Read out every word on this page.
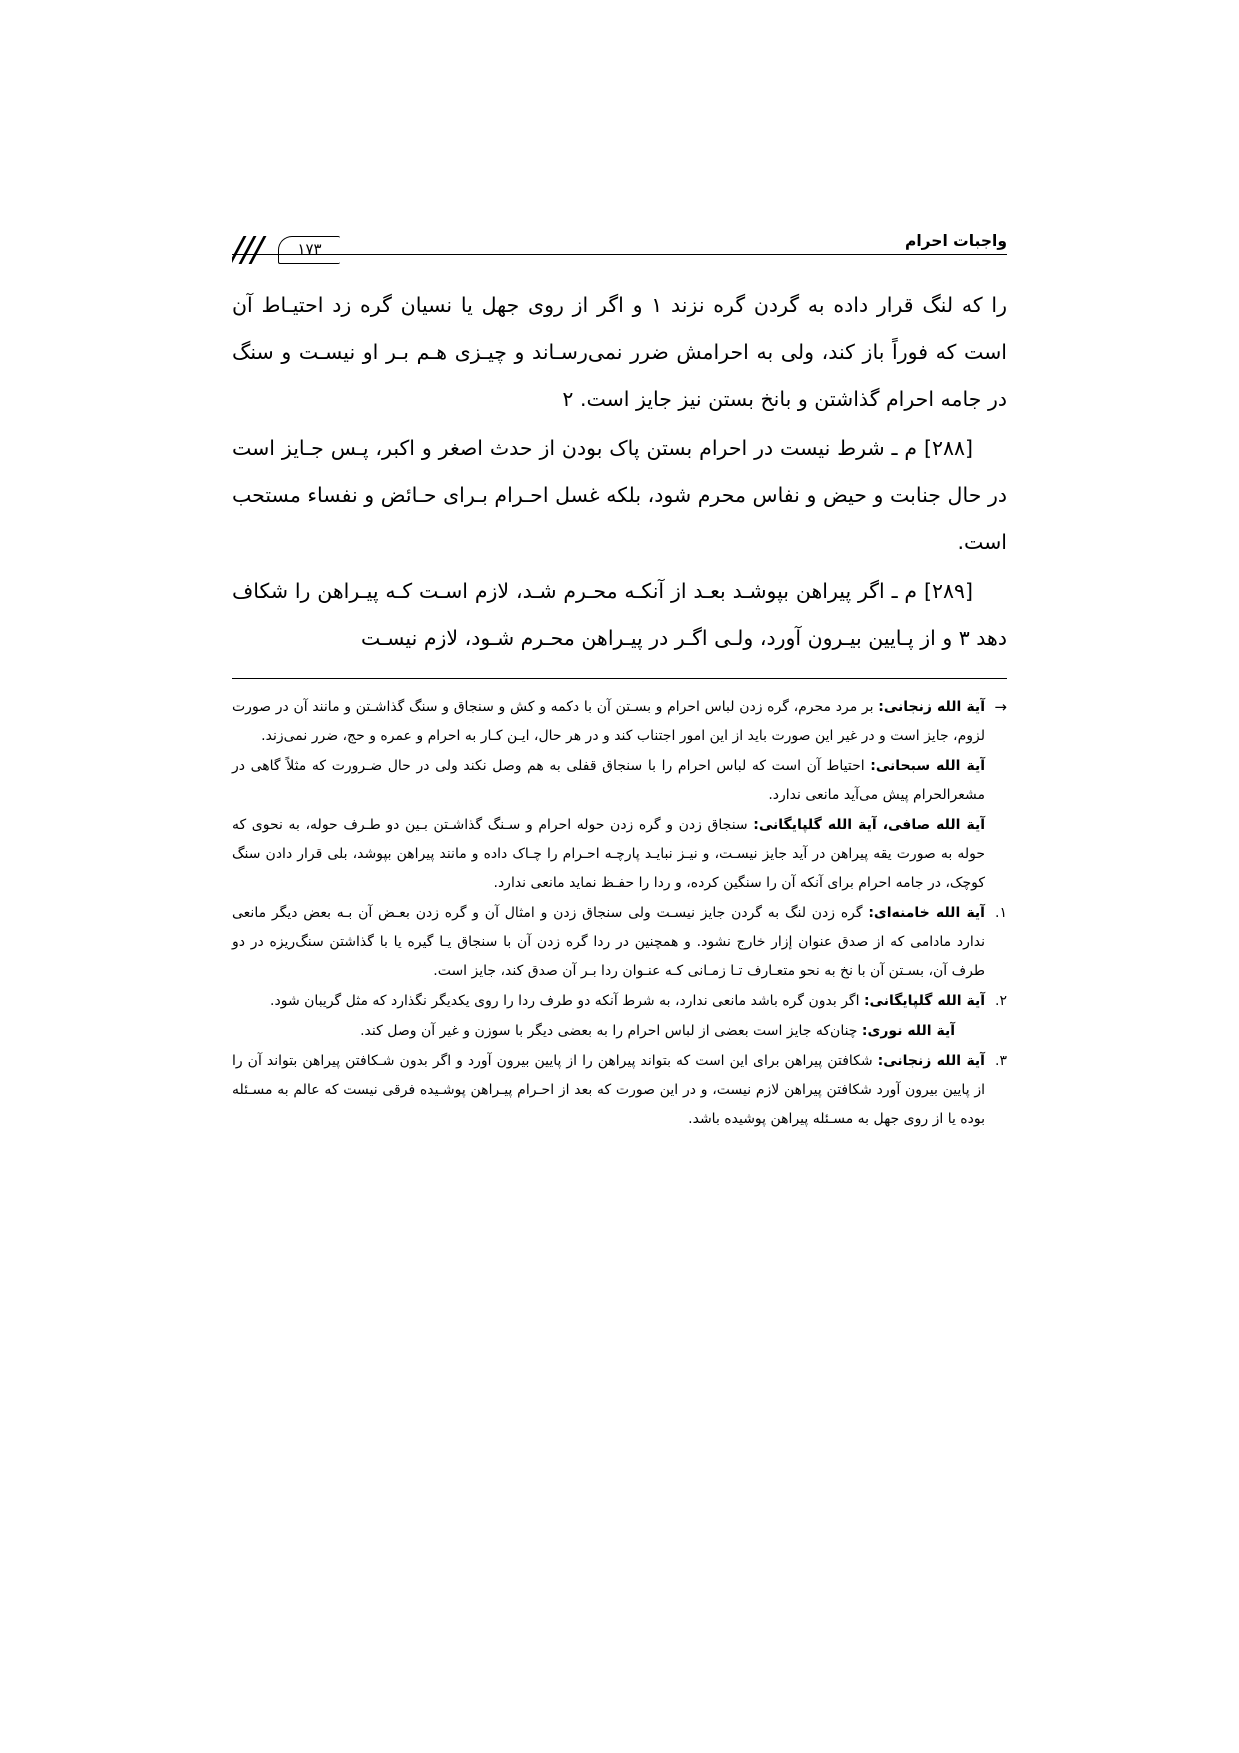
۱۷۳	واجبات احرام

را که لنگ قرار داده به گردن گره نزند ۱ و اگر از روی جهل یا نسیان گره زد احتیـاط آن است که فوراً باز کند، ولی به احرامش ضرر نمی‌رسـاند و چیـزی هـم بـر او نیسـت و سنگ در جامه احرام گذاشتن و بانخ بستن نیز جایز است. ۲

[۲۸۸] م ـ شرط نیست در احرام بستن پاک بودن از حدث اصغر و اکبر، پـس جـایز است در حال جنابت و حیض و نفاس محرم شود، بلکه غسل احـرام بـرای حـائض و نفساء مستحب است.

[۲۸۹] م ـ اگر پیراهن بپوشـد بعـد از آنکـه محـرم شـد، لازم اسـت کـه پیـراهن را شکاف دهد ۳ و از پـایین بیـرون آورد، ولـی اگـر در پیـراهن محـرم شـود، لازم نیسـت

→
آیة الله زنجانی: بر مرد محرم، گره زدن لباس احرام و بسـتن آن با دکمه و کش و سنجاق و سنگ گذاشـتن و مانند آن در صورت لزوم، جایز است و در غیر این صورت باید از این امور اجتناب کند و در هر حال، ایـن کـار به احرام و عمره و حج، ضرر نمی‌زند.

آیة الله سبحانی: احتیاط آن است که لباس احرام را با سنجاق قفلی به هم وصل نکند ولی در حال ضـرورت که مثلاً گاهی در مشعرالحرام پیش می‌آید مانعی ندارد.

آیة الله صافی، آیة الله گلپایگانی: سنجاق زدن و گره زدن حوله احرام و سـنگ گذاشـتن بـین دو طـرف حوله، به نحوی که حوله به صورت یقه پیراهن در آید جایز نیسـت، و نیـز نبایـد پارچـه احـرام را چـاک داده و مانند پیراهن بپوشد، بلی قرار دادن سنگ کوچک، در جامه احرام برای آنکه آن را سنگین کرده، و ردا را حفـظ نماید مانعی ندارد.

۱.
آیة الله خامنه‌ای: گره زدن لنگ به گردن جایز نیسـت ولی سنجاق زدن و امثال آن و گره زدن بعـض آن بـه بعض دیگر مانعی ندارد مادامی که از صدق عنوان إزار خارج نشود. و همچنین در ردا گره زدن آن با سنجاق یـا گیره یا با گذاشتن سنگ‌ریزه در دو طرف آن، بسـتن آن با نخ به نحو متعـارف تـا زمـانی کـه عنـوان ردا بـر آن صدق کند، جایز است.

۲.
آیة الله گلپایگانی: اگر بدون گره باشد مانعی ندارد، به شرط آنکه دو طرف ردا را روی یکدیگر نگذارد که مثل گریبان شود.

آیة الله نوری: چنان‌که جایز است بعضی از لباس احرام را به بعضی دیگر با سوزن و غیر آن وصل کند.

۳.
آیة الله زنجانی: شکافتن پیراهن برای این است که بتواند پیراهن را از پایین بیرون آورد و اگر بدون شـکافتن پیراهن بتواند آن را از پایین بیرون آورد شکافتن پیراهن لازم نیست، و در این صورت که بعد از احـرام پیـراهن پوشـیده فرقی نیست که عالم به مسـئله بوده یا از روی جهل به مسـئله پیراهن پوشیده باشد.
